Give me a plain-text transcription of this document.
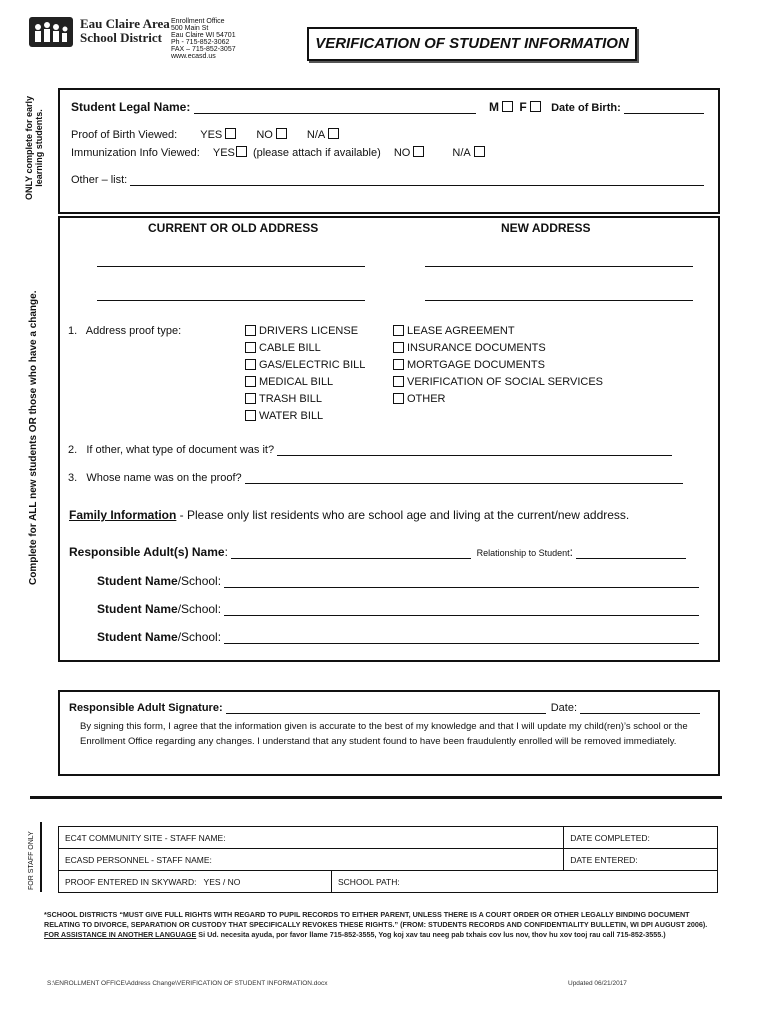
Eau Claire Area
School District
Enrollment Office
500 Main St
Eau Claire WI 54701
Ph - 715-852-3062
FAX – 715-852-3057
www.ecasd.us
VERIFICATION OF STUDENT INFORMATION
ONLY complete for early learning students.
Student Legal Name:	M F Date of Birth:
Proof of Birth Viewed: YES	NO	N/A
Immunization Info Viewed: YES (please attach if available) NO	N/A
Other – list:
Complete for ALL new students OR those who have a change.
CURRENT OR OLD ADDRESS	NEW ADDRESS
1.   Address proof type:	DRIVERS LICENSE
CABLE BILL
GAS/ELECTRIC BILL
MEDICAL BILL
TRASH BILL
WATER BILL
LEASE AGREEMENT
INSURANCE DOCUMENTS
MORTGAGE DOCUMENTS
VERIFICATION OF SOCIAL SERVICES
OTHER
2.   If other, what type of document was it?
3.   Whose name was on the proof?
Family Information - Please only list residents who are school age and living at the current/new address.
Responsible Adult(s) Name:	Relationship to Student:
Student Name/School:
Student Name/School:
Student Name/School:
Responsible Adult Signature:	Date:
By signing this form, I agree that the information given is accurate to the best of my knowledge and that I will update my child(ren)’s school or the Enrollment Office regarding any changes. I understand that any student found to have been fraudulently enrolled will be removed immediately.
FOR STAFF ONLY	EC4T COMMUNITY SITE - STAFF NAME:		DATE COMPLETED:
ECASD PERSONNEL - STAFF NAME:		DATE ENTERED:
PROOF ENTERED IN SKYWARD: YES / NO	SCHOOL PATH:	
*SCHOOL DISTRICTS “MUST GIVE FULL RIGHTS WITH REGARD TO PUPIL RECORDS TO EITHER PARENT, UNLESS THERE IS A COURT ORDER OR OTHER LEGALLY BINDING DOCUMENT RELATING TO DIVORCE, SEPARATION OR CUSTODY THAT SPECIFICALLY REVOKES THESE RIGHTS.” (FROM: STUDENTS RECORDS AND CONFIDENTIALITY BULLETIN, WI DPI AUGUST 2006). FOR ASSISTANCE IN ANOTHER LANGUAGE Si Ud. necesita ayuda, por favor llame 715-852-3555, Yog koj xav tau neeg pab txhais cov lus nov, thov hu xov tooj rau call 715-852-3555.)
S:\ENROLLMENT OFFICE\Address Change\VERIFICATION OF STUDENT INFORMATION.docx	Updated 06/21/2017
